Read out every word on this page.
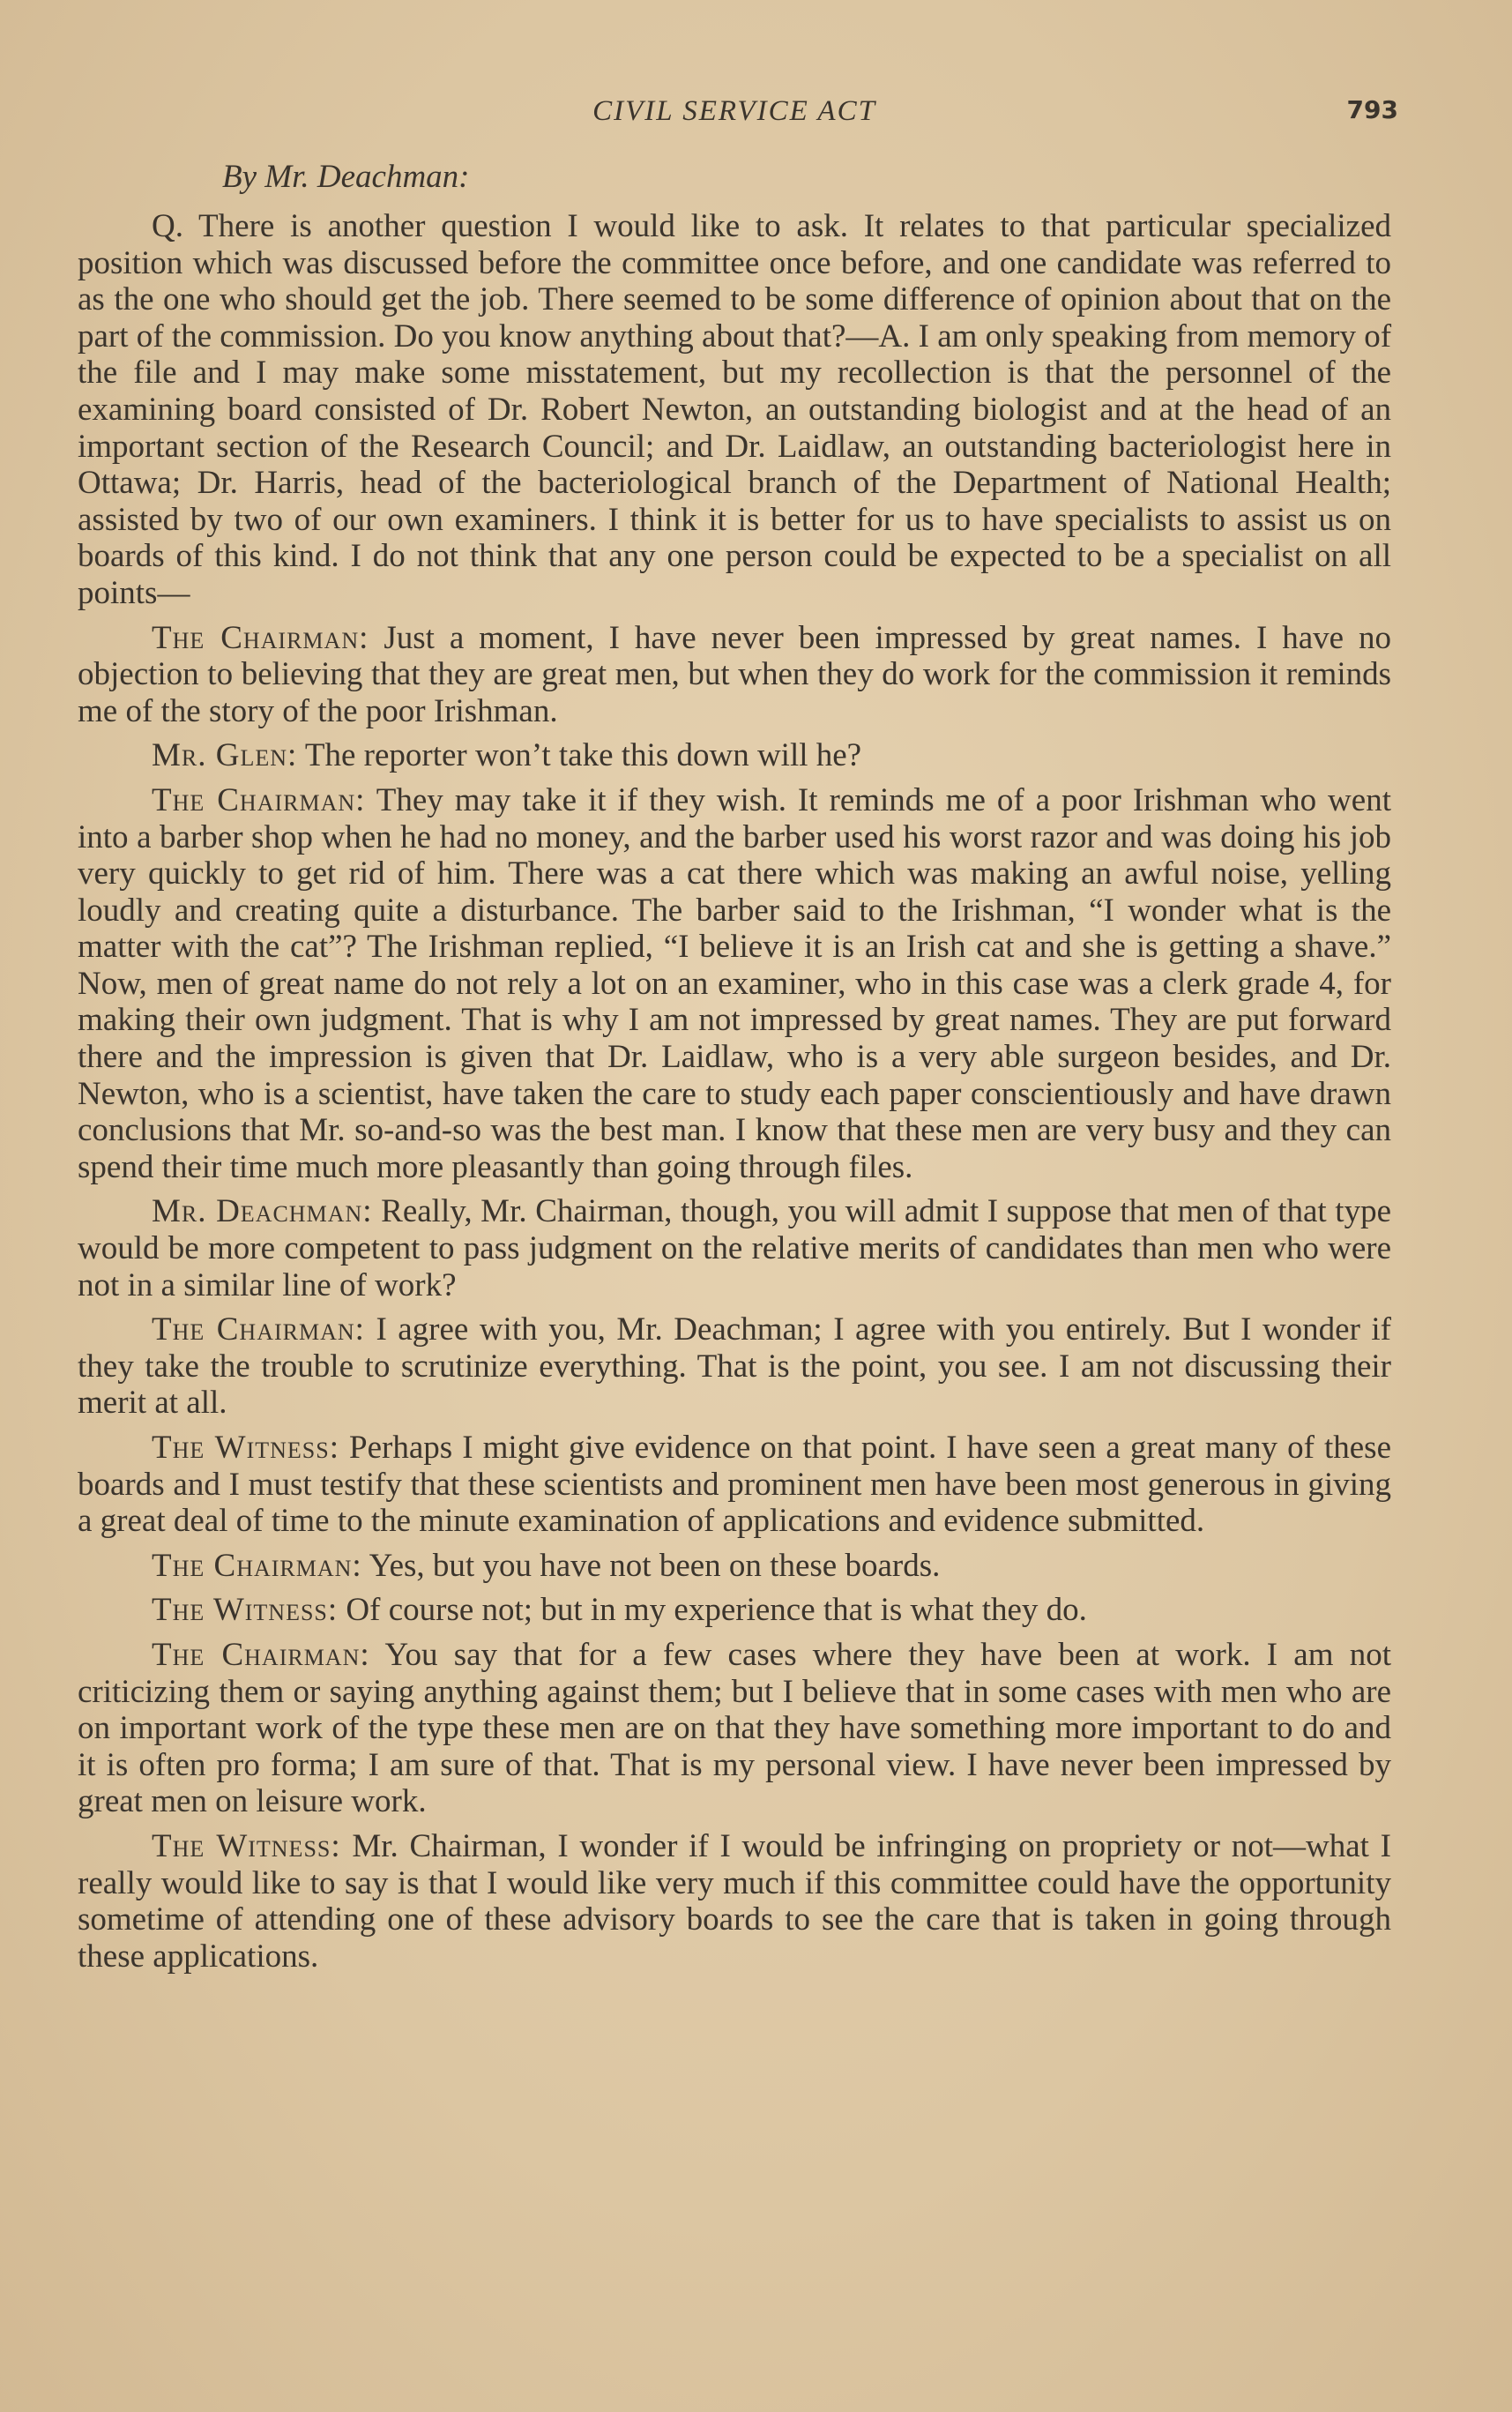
CIVIL SERVICE ACT	793
By Mr. Deachman:

Q. There is another question I would like to ask. It relates to that particular specialized position which was discussed before the committee once before, and one candidate was referred to as the one who should get the job. There seemed to be some difference of opinion about that on the part of the commission. Do you know anything about that?—A. I am only speaking from memory of the file and I may make some misstatement, but my recollection is that the personnel of the examining board consisted of Dr. Robert Newton, an outstanding biologist and at the head of an important section of the Research Council; and Dr. Laidlaw, an outstanding bacteriologist here in Ottawa; Dr. Harris, head of the bacteriological branch of the Department of National Health; assisted by two of our own examiners. I think it is better for us to have specialists to assist us on boards of this kind. I do not think that any one person could be expected to be a specialist on all points—

The Chairman: Just a moment, I have never been impressed by great names. I have no objection to believing that they are great men, but when they do work for the commission it reminds me of the story of the poor Irishman.

Mr. Glen: The reporter won’t take this down will he?

The Chairman: They may take it if they wish. It reminds me of a poor Irishman who went into a barber shop when he had no money, and the barber used his worst razor and was doing his job very quickly to get rid of him. There was a cat there which was making an awful noise, yelling loudly and creating quite a disturbance. The barber said to the Irishman, “I wonder what is the matter with the cat”? The Irishman replied, “I believe it is an Irish cat and she is getting a shave.” Now, men of great name do not rely a lot on an examiner, who in this case was a clerk grade 4, for making their own judgment. That is why I am not impressed by great names. They are put forward there and the impression is given that Dr. Laidlaw, who is a very able surgeon besides, and Dr. Newton, who is a scientist, have taken the care to study each paper conscientiously and have drawn conclusions that Mr. so-and-so was the best man. I know that these men are very busy and they can spend their time much more pleasantly than going through files.

Mr. Deachman: Really, Mr. Chairman, though, you will admit I suppose that men of that type would be more competent to pass judgment on the relative merits of candidates than men who were not in a similar line of work?

The Chairman: I agree with you, Mr. Deachman; I agree with you entirely. But I wonder if they take the trouble to scrutinize everything. That is the point, you see. I am not discussing their merit at all.

The Witness: Perhaps I might give evidence on that point. I have seen a great many of these boards and I must testify that these scientists and prominent men have been most generous in giving a great deal of time to the minute examination of applications and evidence submitted.

The Chairman: Yes, but you have not been on these boards.

The Witness: Of course not; but in my experience that is what they do.

The Chairman: You say that for a few cases where they have been at work. I am not criticizing them or saying anything against them; but I believe that in some cases with men who are on important work of the type these men are on that they have something more important to do and it is often pro forma; I am sure of that. That is my personal view. I have never been impressed by great men on leisure work.

The Witness: Mr. Chairman, I wonder if I would be infringing on propriety or not—what I really would like to say is that I would like very much if this committee could have the opportunity sometime of attending one of these advisory boards to see the care that is taken in going through these applications.
